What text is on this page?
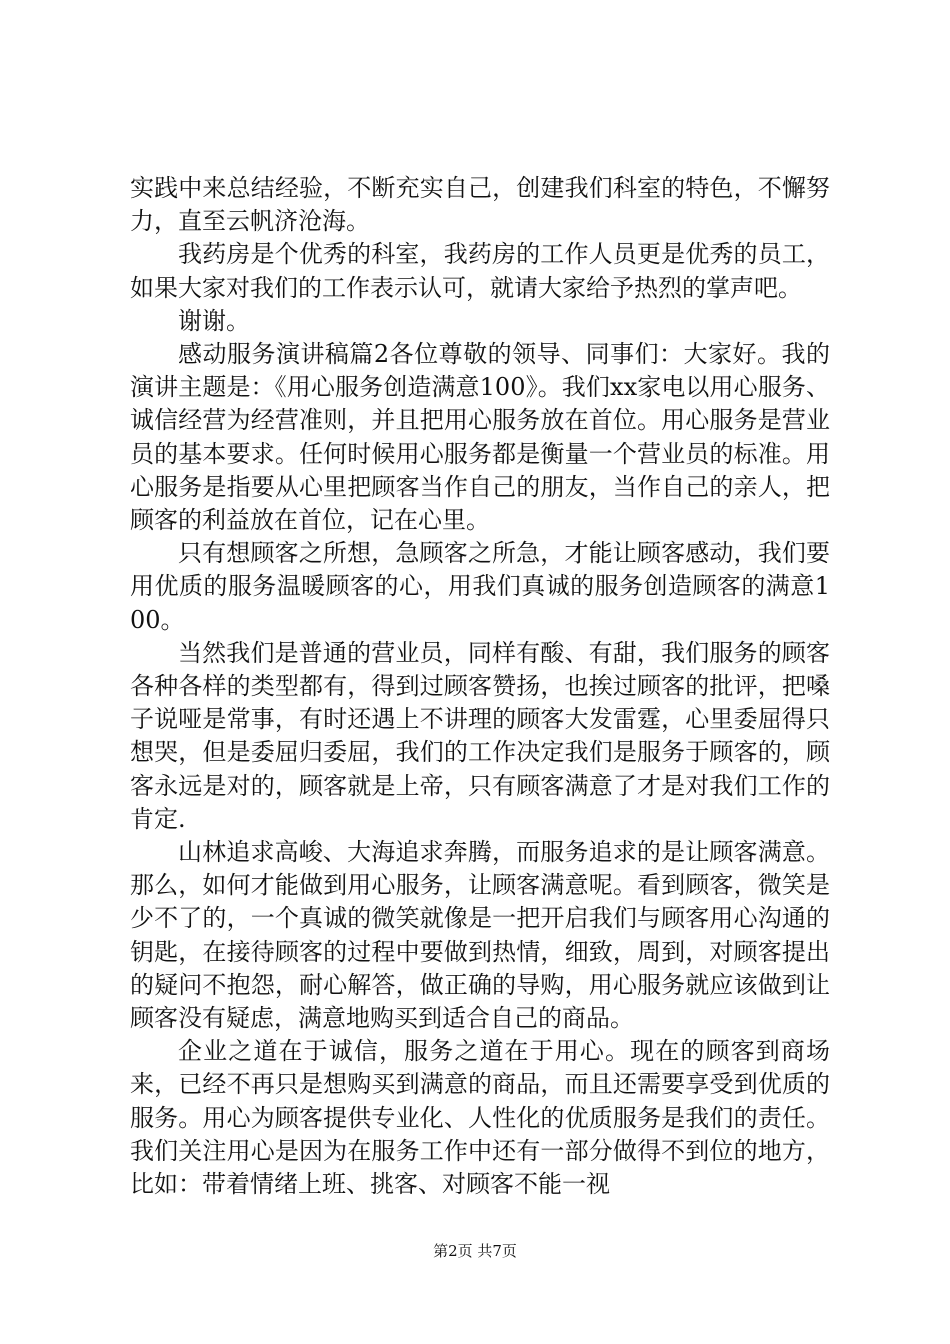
实践中来总结经验，不断充实自己，创建我们科室的特色，不懈努力，直至云帆济沧海。

我药房是个优秀的科室，我药房的工作人员更是优秀的员工，如果大家对我们的工作表示认可，就请大家给予热烈的掌声吧。

谢谢。

感动服务演讲稿篇2各位尊敬的领导、同事们：大家好。我的演讲主题是：《用心服务创造满意100》。我们xx家电以用心服务、诚信经营为经营准则，并且把用心服务放在首位。用心服务是营业员的基本要求。任何时候用心服务都是衡量一个营业员的标准。用心服务是指要从心里把顾客当作自己的朋友，当作自己的亲人，把顾客的利益放在首位，记在心里。

只有想顾客之所想，急顾客之所急，才能让顾客感动，我们要用优质的服务温暖顾客的心，用我们真诚的服务创造顾客的满意100。

当然我们是普通的营业员，同样有酸、有甜，我们服务的顾客各种各样的类型都有，得到过顾客赞扬，也挨过顾客的批评，把嗓子说哑是常事，有时还遇上不讲理的顾客大发雷霆，心里委屈得只想哭，但是委屈归委屈，我们的工作决定我们是服务于顾客的，顾客永远是对的，顾客就是上帝，只有顾客满意了才是对我们工作的肯定.

山林追求高峻、大海追求奔腾，而服务追求的是让顾客满意。那么，如何才能做到用心服务，让顾客满意呢。看到顾客，微笑是少不了的，一个真诚的微笑就像是一把开启我们与顾客用心沟通的钥匙，在接待顾客的过程中要做到热情，细致，周到，对顾客提出的疑问不抱怨，耐心解答，做正确的导购，用心服务就应该做到让顾客没有疑虑，满意地购买到适合自己的商品。

企业之道在于诚信，服务之道在于用心。现在的顾客到商场来，已经不再只是想购买到满意的商品，而且还需要享受到优质的服务。用心为顾客提供专业化、人性化的优质服务是我们的责任。我们关注用心是因为在服务工作中还有一部分做得不到位的地方，比如：带着情绪上班、挑客、对顾客不能一视

第2页 共7页
